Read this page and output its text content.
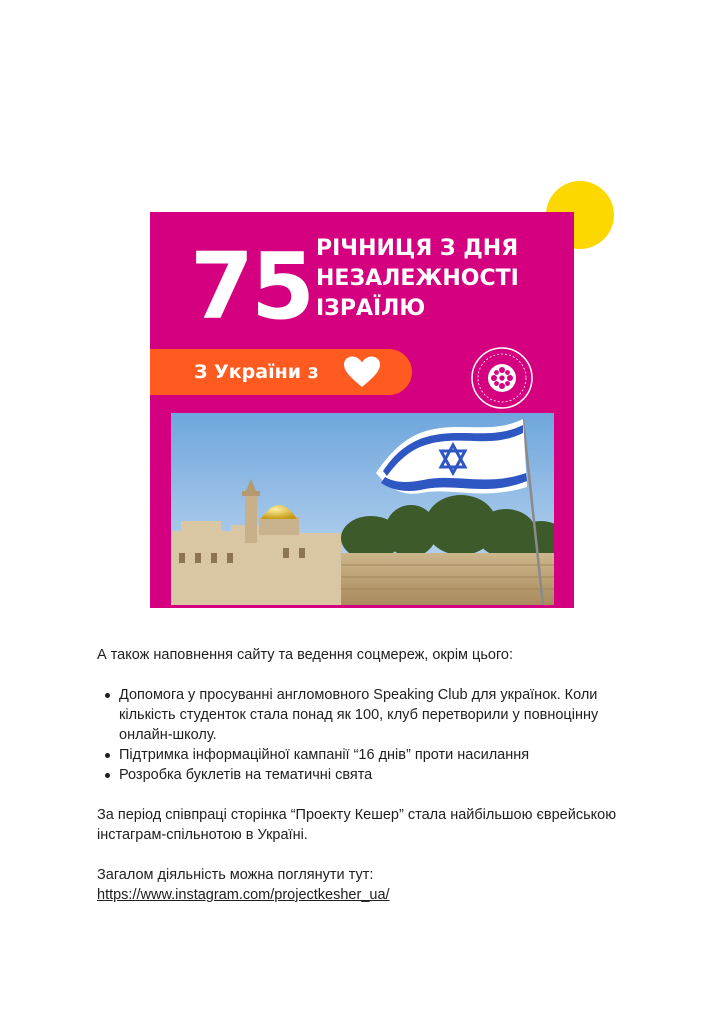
75 РІЧНИЦЯ З ДНЯ
НЕЗАЛЕЖНОСТІ
ІЗРАЇЛЮ
З України з
А також наповнення сайту та ведення соцмереж, окрім цього:
Допомога у просуванні англомовного Speaking Club для українок. Коли кількість студенток стала понад як 100, клуб перетворили у повноцінну онлайн-школу.
Підтримка інформаційної кампанії “16 днів” проти насилання
Розробка буклетів на тематичні свята
За період співпраці сторінка “Проекту Кешер” стала найбільшою єврейською інстаграм-спільнотою в Україні.
Загалом діяльність можна поглянути тут:
https://www.instagram.com/projectkesher_ua/
